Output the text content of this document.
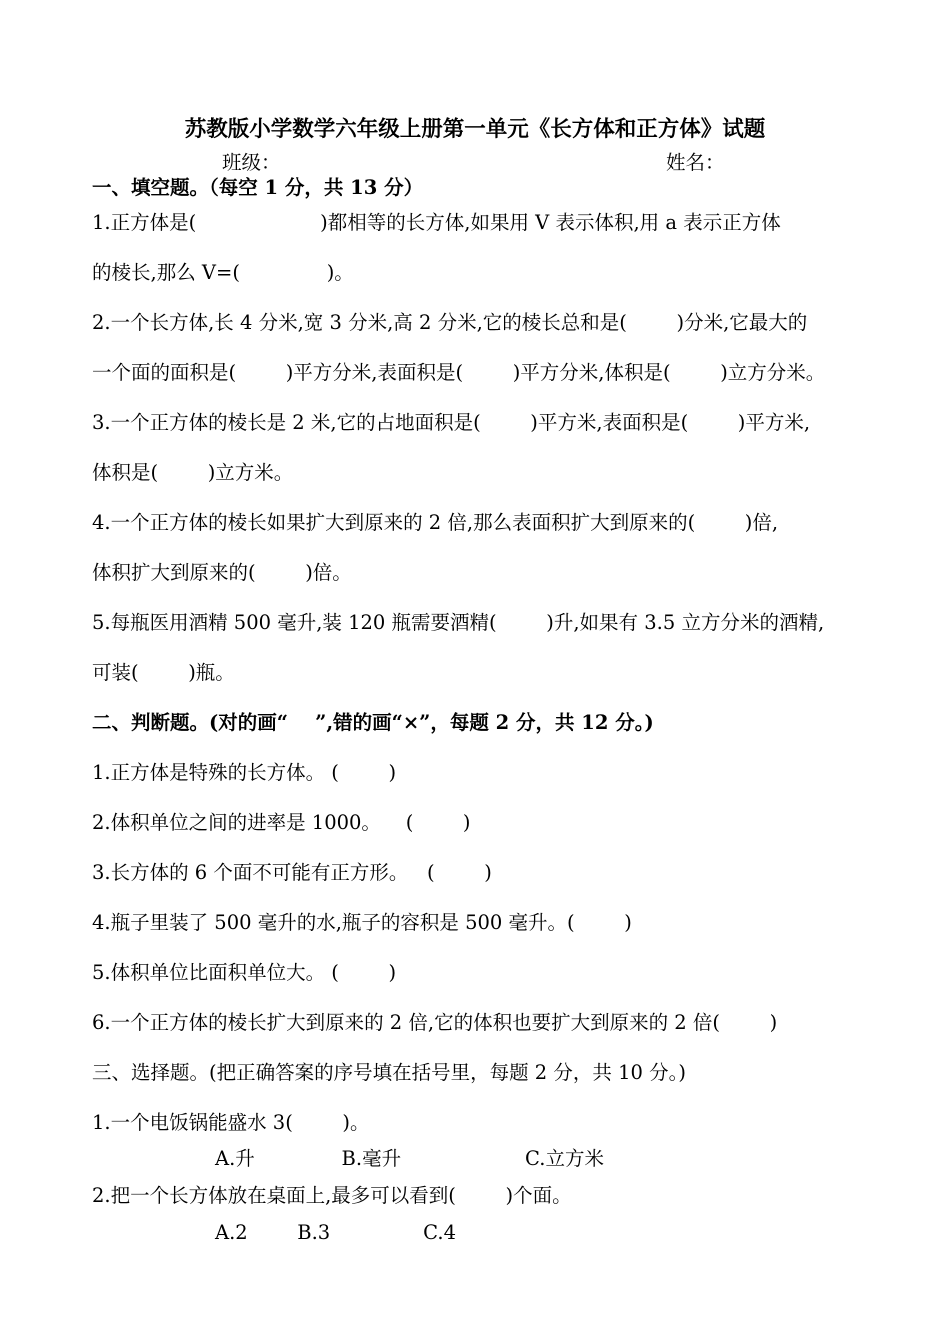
苏教版小学数学六年级上册第一单元《长方体和正方体》试题
班级：	姓名：
一、填空题。（每空 1 分，共 13 分）
1.正方体是(                    )都相等的长方体,如果用 V 表示体积,用 a 表示正方体
的棱长,那么 V=(              )。
2.一个长方体,长 4 分米,宽 3 分米,高 2 分米,它的棱长总和是(        )分米,它最大的
一个面的面积是(        )平方分米,表面积是(        )平方分米,体积是(        )立方分米。
3.一个正方体的棱长是 2 米,它的占地面积是(        )平方米,表面积是(        )平方米,
体积是(        )立方米。
4.一个正方体的棱长如果扩大到原来的 2 倍,那么表面积扩大到原来的(        )倍,
体积扩大到原来的(        )倍。
5.每瓶医用酒精 500 毫升,装 120 瓶需要酒精(        )升,如果有 3.5 立方分米的酒精,
可装(        )瓶。
二、判断题。(对的画“    ”,错的画“×”，每题 2 分，共 12 分。)
1.正方体是特殊的长方体。 (        )
2.体积单位之间的进率是 1000。    (        )
3.长方体的 6 个面不可能有正方形。   (        )
4.瓶子里装了 500 毫升的水,瓶子的容积是 500 毫升。(        )
5.体积单位比面积单位大。 (        )
6.一个正方体的棱长扩大到原来的 2 倍,它的体积也要扩大到原来的 2 倍(        )
三、选择题。(把正确答案的序号填在括号里，每题 2 分，共 10 分。)
1.一个电饭锅能盛水 3(        )。
A.升              B.毫升                    C.立方米
2.把一个长方体放在桌面上,最多可以看到(        )个面。
A.2        B.3               C.4
